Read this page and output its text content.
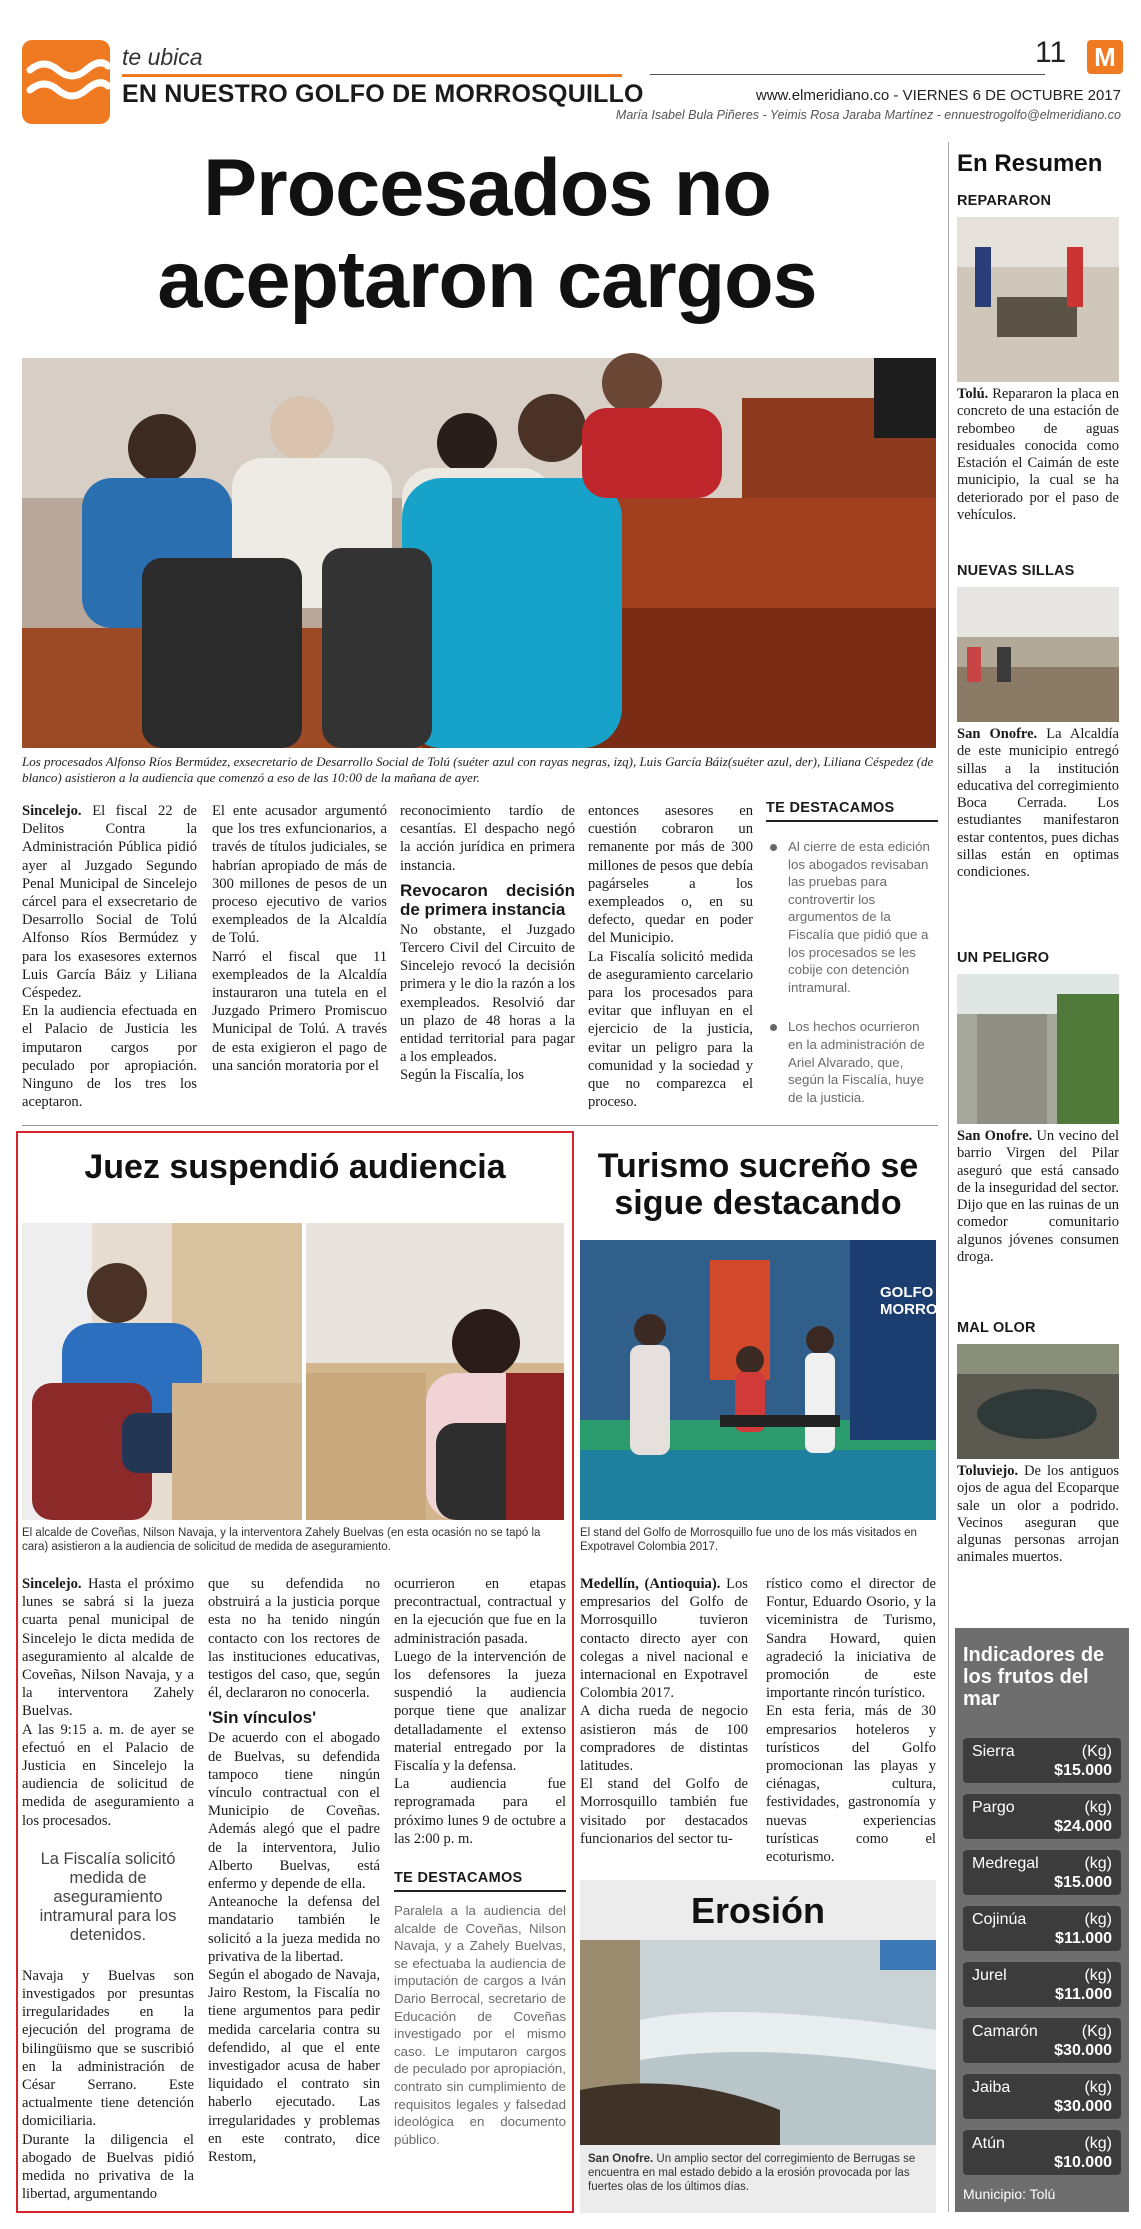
te ubica
EN NUESTRO GOLFO DE MORROSQUILLO
11 M
www.elmeridiano.co - VIERNES 6 DE OCTUBRE 2017
María Isabel Bula Piñeres - Yeimis Rosa Jaraba Martínez - ennuestrogolfo@elmeridiano.co
Procesados no
aceptaron cargos
Los procesados Alfonso Ríos Bermúdez, exsecretario de Desarrollo Social de Tolú (suéter azul con rayas negras, izq), Luis García Báiz(suéter azul, der), Liliana Céspedez (de blanco) asistieron a la audiencia que comenzó a eso de las 10:00 de la mañana de ayer.

Sincelejo. El fiscal 22 de Delitos Contra la Administración Pública pidió ayer al Juzgado Segundo Penal Municipal de Sincelejo cárcel para el exsecretario de Desarrollo Social de Tolú Alfonso Ríos Bermúdez y para los exasesores externos Luis García Báiz y Liliana Céspedez.

En la audiencia efectuada en el Palacio de Justicia les imputaron cargos por peculado por apropiación. Ninguno de los tres los aceptaron.

El ente acusador argumentó que los tres exfuncionarios, a través de títulos judiciales, se habrían apropiado de más de 300 millones de pesos de un proceso ejecutivo de varios exempleados de la Alcaldía de Tolú.

Narró el fiscal que 11 exempleados de la Alcaldía instauraron una tutela en el Juzgado Primero Promiscuo Municipal de Tolú. A través de esta exigieron el pago de una sanción moratoria por el

reconocimiento tardío de cesantías. El despacho negó la acción jurídica en primera instancia.

Revocaron decisión de primera instancia

No obstante, el Juzgado Tercero Civil del Circuito de Sincelejo revocó la decisión primera y le dio la razón a los exempleados. Resolvió dar un plazo de 48 horas a la entidad territorial para pagar a los empleados.

Según la Fiscalía, los

entonces asesores en cuestión cobraron un remanente por más de 300 millones de pesos que debía pagárseles a los exempleados o, en su defecto, quedar en poder del Municipio.

La Fiscalía solicitó medida de aseguramiento carcelario para los procesados para evitar que influyan en el ejercicio de la justicia, evitar un peligro para la comunidad y la sociedad y que no comparezca el proceso.

TE DESTACAMOS
Al cierre de esta edición los abogados revisaban las pruebas para controvertir los argumentos de la Fiscalía que pidió que a los procesados se les cobije con detención intramural.
Los hechos ocurrieron en la administración de Ariel Alvarado, que, según la Fiscalía, huye de la justicia.
Juez suspendió audiencia
El alcalde de Coveñas, Nilson Navaja, y la interventora Zahely Buelvas (en esta ocasión no se tapó la cara) asistieron a la audiencia de solicitud de medida de aseguramiento.

Sincelejo. Hasta el próximo lunes se sabrá si la jueza cuarta penal municipal de Sincelejo le dicta medida de aseguramiento al alcalde de Coveñas, Nilson Navaja, y a la interventora Zahely Buelvas.

A las 9:15 a. m. de ayer se efectuó en el Palacio de Justicia en Sincelejo la audiencia de solicitud de medida de aseguramiento a los procesados.

La Fiscalía solicitó medida de aseguramiento intramural para los detenidos.

Navaja y Buelvas son investigados por presuntas irregularidades en la ejecución del programa de bilingüismo que se suscribió en la administración de César Serrano. Este actualmente tiene detención domiciliaria.

Durante la diligencia el abogado de Buelvas pidió medida no privativa de la libertad, argumentando

que su defendida no obstruirá a la justicia porque esta no ha tenido ningún contacto con los rectores de las instituciones educativas, testigos del caso, que, según él, declararon no conocerla.

'Sin vínculos'

De acuerdo con el abogado de Buelvas, su defendida tampoco tiene ningún vínculo contractual con el Municipio de Coveñas. Además alegó que el padre de la interventora, Julio Alberto Buelvas, está enfermo y depende de ella.

Anteanoche la defensa del mandatario también le solicitó a la jueza medida no privativa de la libertad.

Según el abogado de Navaja, Jairo Restom, la Fiscalía no tiene argumentos para pedir medida carcelaria contra su defendido, al que el ente investigador acusa de haber liquidado el contrato sin haberlo ejecutado. Las irregularidades y problemas en este contrato, dice Restom,

ocurrieron en etapas precontractual, contractual y en la ejecución que fue en la administración pasada.

Luego de la intervención de los defensores la jueza suspendió la audiencia porque tiene que analizar detalladamente el extenso material entregado por la Fiscalía y la defensa.

La audiencia fue reprogramada para el próximo lunes 9 de octubre a las 2:00 p. m.

TE DESTACAMOS
Paralela a la audiencia del alcalde de Coveñas, Nilson Navaja, y a Zahely Buelvas, se efectuaba la audiencia de imputación de cargos a Iván Dario Berrocal, secretario de Educación de Coveñas investigado por el mismo caso. Le imputaron cargos de peculado por apropiación, contrato sin cumplimiento de requisitos legales y falsedad ideológica en documento público.
Turismo sucreño se
sigue destacando
GOLFO MORROS
El stand del Golfo de Morrosquillo fue uno de los más visitados en Expotravel Colombia 2017.

Medellín, (Antioquia). Los empresarios del Golfo de Morrosquillo tuvieron contacto directo ayer con colegas a nivel nacional e internacional en Expotravel Colombia 2017.

A dicha rueda de negocio asistieron más de 100 compradores de distintas latitudes.

El stand del Golfo de Morrosquillo también fue visitado por destacados funcionarios del sector tu-

rístico como el director de Fontur, Eduardo Osorio, y la viceministra de Turismo, Sandra Howard, quien agradeció la iniciativa de promoción de este importante rincón turístico.

En esta feria, más de 30 empresarios hoteleros y turísticos del Golfo promocionan las playas y ciénagas, cultura, festividades, gastronomía y nuevas experiencias turísticas como el ecoturismo.

Erosión
San Onofre. Un amplio sector del corregimiento de Berrugas se encuentra en mal estado debido a la erosión provocada por las fuertes olas de los últimos días.
En Resumen
REPARARON

Tolú. Repararon la placa en concreto de una estación de rebombeo de aguas residuales conocida como Estación el Caimán de este municipio, la cual se ha deteriorado por el paso de vehículos.

NUEVAS SILLAS

San Onofre. La Alcaldía de este municipio entregó sillas a la institución educativa del corregimiento Boca Cerrada. Los estudiantes manifestaron estar contentos, pues dichas sillas están en optimas condiciones.

UN PELIGRO

San Onofre. Un vecino del barrio Virgen del Pilar aseguró que está cansado de la inseguridad del sector. Dijo que en las ruinas de un comedor comunitario algunos jóvenes consumen droga.

MAL OLOR

Toluviejo. De los antiguos ojos de agua del Ecoparque sale un olor a podrido. Vecinos aseguran que algunas personas arrojan animales muertos.

Indicadores de los frutos del mar
Sierra	(Kg)
$15.000
Pargo	(kg)
$24.000
Medregal	(kg)
$15.000
Cojinúa	(kg)
$11.000
Jurel	(kg)
$11.000
Camarón	(Kg)
$30.000
Jaiba	(kg)
$30.000
Atún	(kg)
$10.000
Municipio: Tolú
